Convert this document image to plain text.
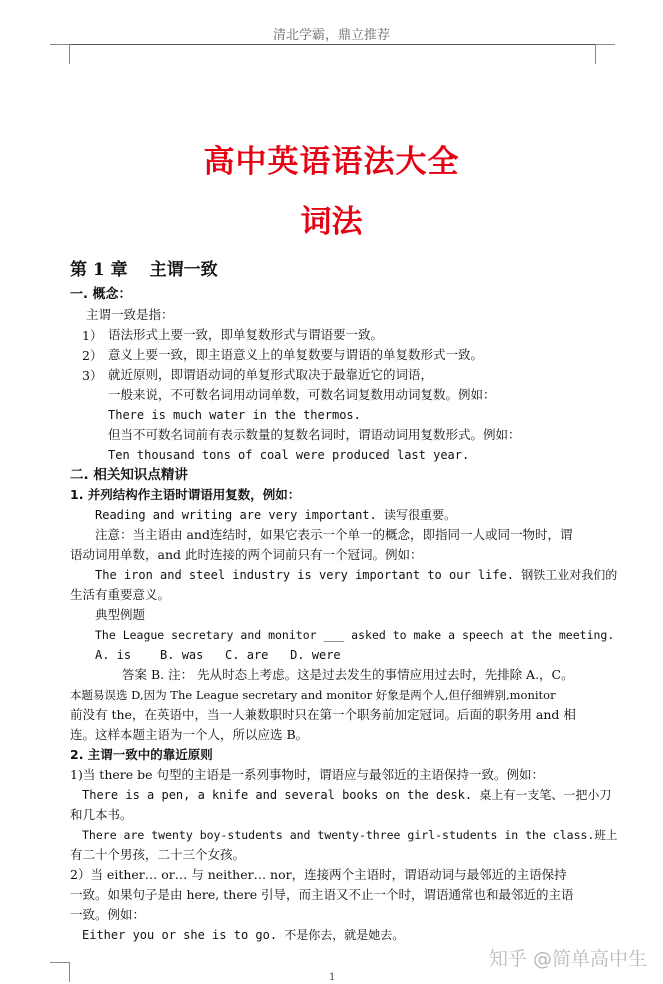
清北学霸，鼎立推荐
高中英语语法大全
词法
第 1 章 主谓一致
一. 概念：
主谓一致是指：
1） 语法形式上要一致，即单复数形式与谓语要一致。
2） 意义上要一致，即主语意义上的单复数要与谓语的单复数形式一致。
3） 就近原则，即谓语动词的单复形式取决于最靠近它的词语，
一般来说，不可数名词用动词单数，可数名词复数用动词复数。例如：
There is much water in the thermos.
但当不可数名词前有表示数量的复数名词时，谓语动词用复数形式。例如：
Ten thousand tons of coal were produced last year.
二. 相关知识点精讲
1. 并列结构作主语时谓语用复数，例如：
Reading and writing are very important. 读写很重要。
注意：当主语由 and连结时，如果它表示一个单一的概念，即指同一人或同一物时，谓
语动词用单数，and 此时连接的两个词前只有一个冠词。例如：
The iron and steel industry is very important to our life. 钢铁工业对我们的
生活有重要意义。
典型例题
The League secretary and monitor ___ asked to make a speech at the meeting.
A. is    B. was   C. are   D. were
答案 B. 注： 先从时态上考虑。这是过去发生的事情应用过去时，先排除 A.，C。
本题易误选 D,因为 The League secretary and monitor 好象是两个人,但仔细辨别,monitor
前没有 the，在英语中，当一人兼数职时只在第一个职务前加定冠词。后面的职务用 and 相
连。这样本题主语为一个人，所以应选 B。
2. 主谓一致中的靠近原则
1)当 there be 句型的主语是一系列事物时，谓语应与最邻近的主语保持一致。例如：
There is a pen, a knife and several books on the desk. 桌上有一支笔、一把小刀
和几本书。
There are twenty boy-students and twenty-three girl-students in the class.班上
有二十个男孩，二十三个女孩。
2）当 either… or… 与 neither… nor，连接两个主语时，谓语动词与最邻近的主语保持
一致。如果句子是由 here, there 引导，而主语又不止一个时，谓语通常也和最邻近的主语
一致。例如：
Either you or she is to go. 不是你去，就是她去。
1
知乎 @简单高中生
